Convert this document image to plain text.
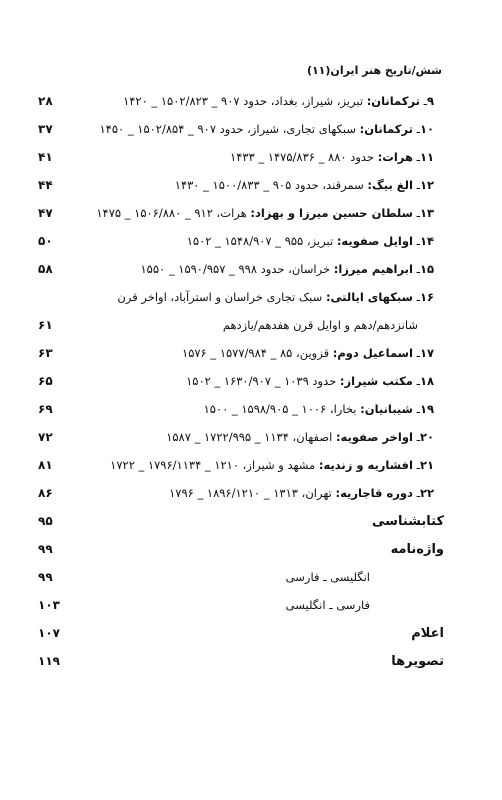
شش/تاریخ هنر ایران(۱۱)
۹ـ ترکمانان: تبریز، شیراز، بغداد، حدود ۹۰۷ _ ۱۵۰۲/۸۲۳ _ ۱۴۲۰
۲۸
۱۰ـ ترکمانان: سبکهای تجاری، شیراز، حدود ۹۰۷ _ ۱۵۰۲/۸۵۴ _ ۱۴۵۰
۳۷
۱۱ـ هرات: حدود ۸۸۰ _ ۱۴۷۵/۸۳۶ _ ۱۴۳۳
۴۱
۱۲ـ الغ بیگ: سمرقند، حدود ۹۰۵ _ ۱۵۰۰/۸۳۳ _ ۱۴۳۰
۴۴
۱۳ـ سلطان حسین میرزا و بهزاد: هرات، ۹۱۲ _ ۱۵۰۶/۸۸۰ _ ۱۴۷۵
۴۷
۱۴ـ اوایل صفویه: تبریز، ۹۵۵ _ ۱۵۴۸/۹۰۷ _ ۱۵۰۲
۵۰
۱۵ـ ابراهیم میرزا: خراسان، حدود ۹۹۸ _ ۱۵۹۰/۹۵۷ _ ۱۵۵۰
۵۸
۱۶ـ سبکهای ایالتی: سبک تجاری خراسان و استرآباد، اواخر قرن
شانزدهم/دهم و اوایل قرن هفدهم/یازدهم
۶۱
۱۷ـ اسماعیل دوم: قزوین، ۸۵ _ ۱۵۷۷/۹۸۴ _ ۱۵۷۶
۶۳
۱۸ـ مکتب شیراز: حدود ۱۰۳۹ _ ۱۶۳۰/۹۰۷ _ ۱۵۰۲
۶۵
۱۹ـ شیبانیان: بخارا، ۱۰۰۶ _ ۱۵۹۸/۹۰۵ _ ۱۵۰۰
۶۹
۲۰ـ اواخر صفویه: اصفهان، ۱۱۳۴ _ ۱۷۲۲/۹۹۵ _ ۱۵۸۷
۷۲
۲۱ـ افشاریه و زندیه: مشهد و شیراز، ۱۲۱۰ _ ۱۷۹۶/۱۱۳۴ _ ۱۷۲۲
۸۱
۲۲ـ دوره قاجاریه: تهران، ۱۳۱۳ _ ۱۸۹۶/۱۲۱۰ _ ۱۷۹۶
۸۶
کتابشناسی
۹۵
واژه‌نامه
۹۹
انگلیسی ـ فارسی
۹۹
فارسی ـ انگلیسی
۱۰۳
اعلام
۱۰۷
تصویرها
۱۱۹
